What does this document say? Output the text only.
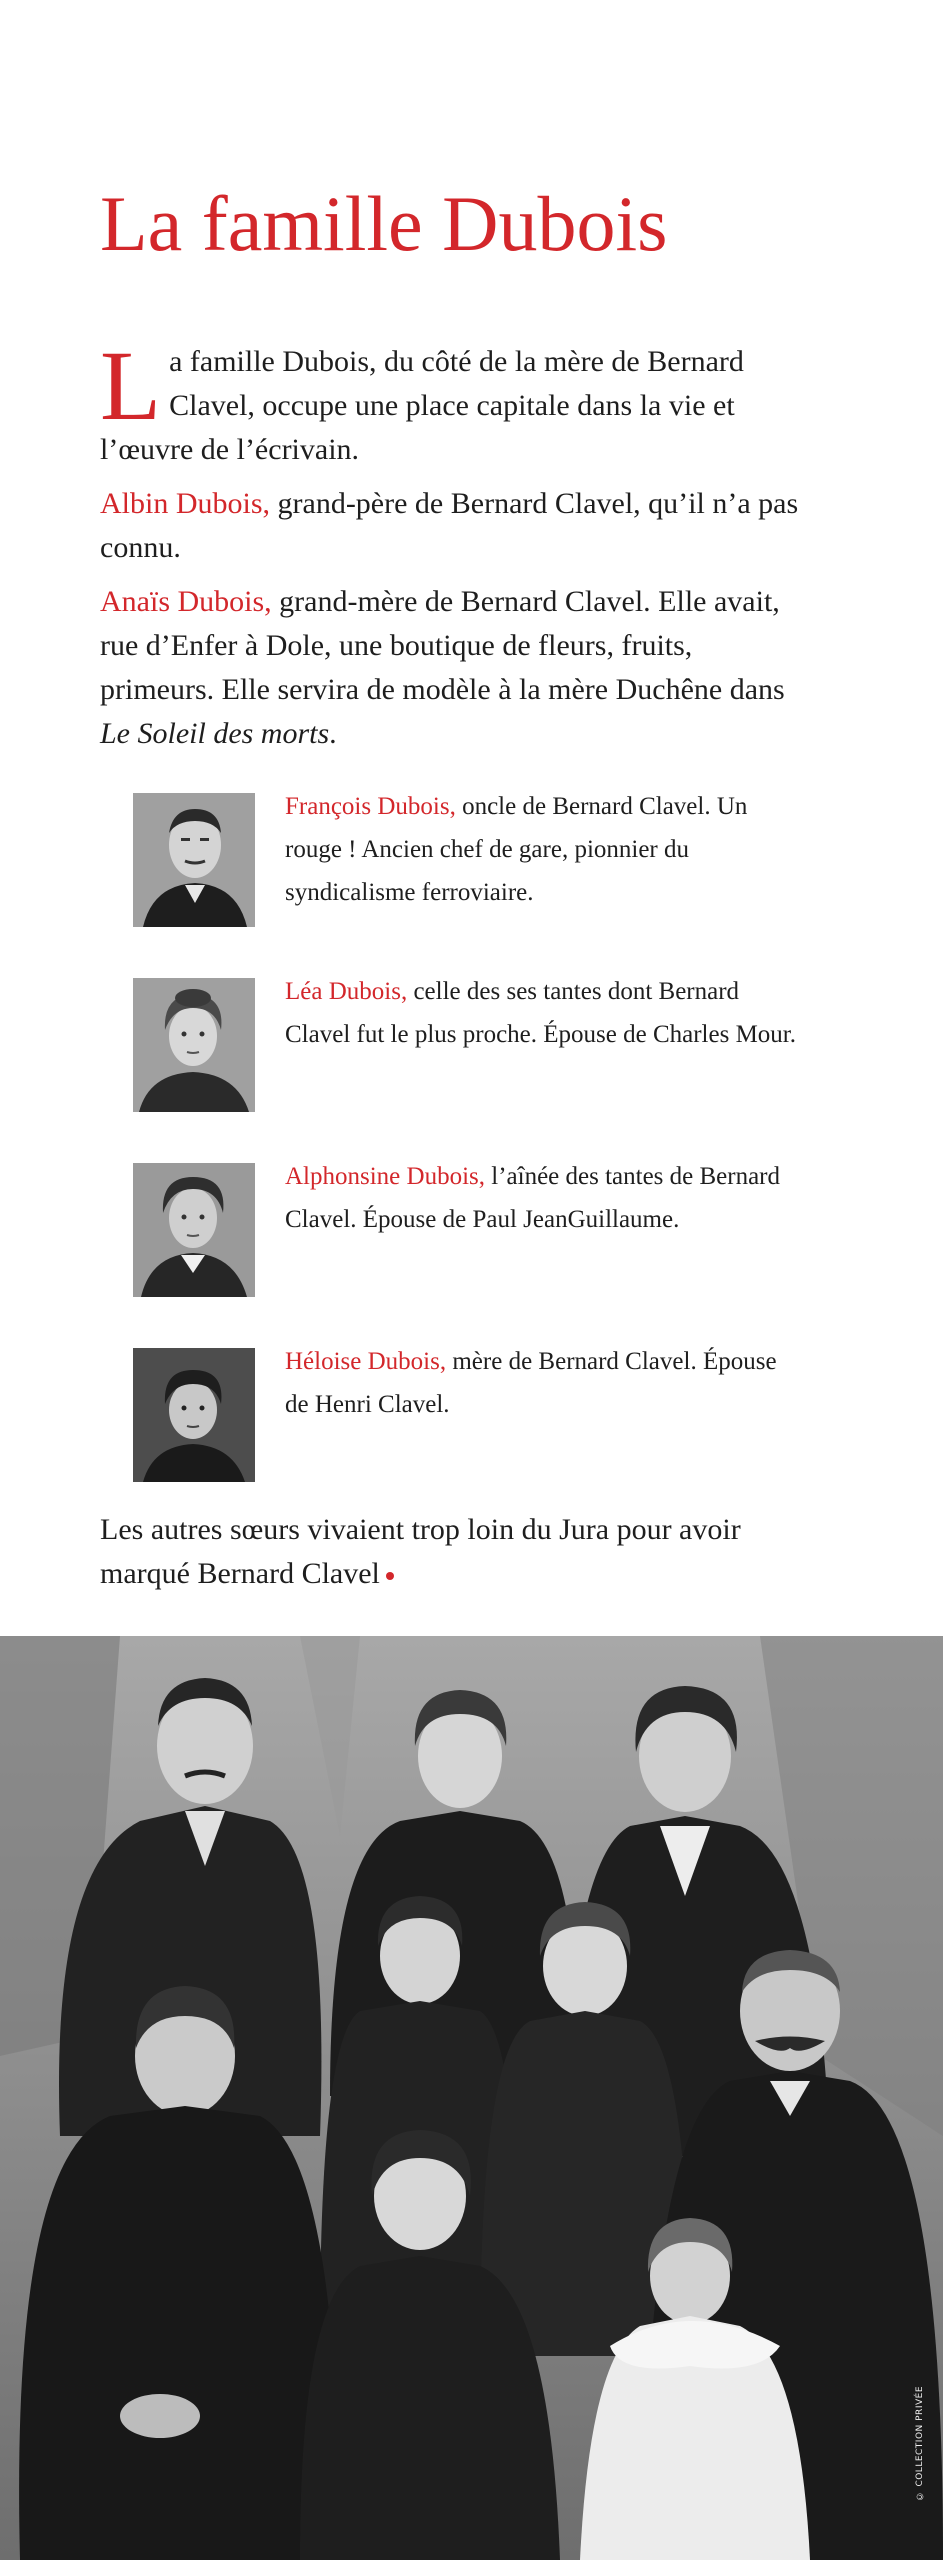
La famille Dubois

La famille Dubois, du côté de la mère de Bernard Clavel, occupe une place capitale dans la vie et l’œuvre de l’écrivain.

Albin Dubois, grand-père de Bernard Clavel, qu’il n’a pas connu.

Anaïs Dubois, grand-mère de Bernard Clavel. Elle avait, rue d’Enfer à Dole, une boutique de fleurs, fruits, primeurs. Elle servira de modèle à la mère Duchêne dans Le Soleil des morts.

François Dubois, oncle de Bernard Clavel. Un rouge ! Ancien chef de gare, pionnier du syndicalisme ferroviaire.
Léa Dubois, celle des ses tantes dont Bernard Clavel fut le plus proche. Épouse de Charles Mour.
Alphonsine Dubois, l’aînée des tantes de Bernard Clavel. Épouse de Paul JeanGuillaume.
Héloise Dubois, mère de Bernard Clavel. Épouse de Henri Clavel.

Les autres sœurs vivaient trop loin du Jura pour avoir marqué Bernard Clavel

© COLLECTION PRIVÉE
